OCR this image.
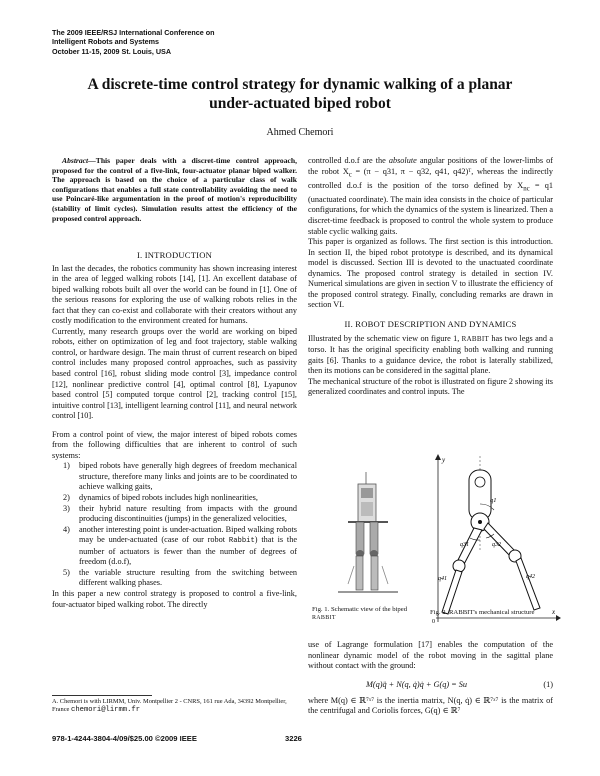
The 2009 IEEE/RSJ International Conference on
Intelligent Robots and Systems
October 11-15, 2009 St. Louis, USA
A discrete-time control strategy for dynamic walking of a planar
under-actuated biped robot
Ahmed Chemori
Abstract—This paper deals with a discret-time control approach, proposed for the control of a five-link, four-actuator planar biped walker. The approach is based on the choice of a particular class of walk configurations that enables a full state controllability avoiding the need to use Poincaré-like argumentation in the proof of motion's reproducibility (stability of limit cycles). Simulation results attest the efficiency of the proposed control approach.

I. INTRODUCTION

In last the decades, the robotics community has shown increasing interest in the area of legged walking robots [14], [1]. An excellent database of biped walking robots built all over the world can be found in [1]. One of the serious reasons for exploring the use of walking robots relies in the fact that they can co-exist and collaborate with their creators without any costly modification to the environment created for humans.

Currently, many research groups over the world are working on biped robots, either on optimization of leg and foot trajectory, stable walking control, or hardware design. The main thrust of current research on biped control includes many proposed control approaches, such as passivity based control [16], robust sliding mode control [3], impedance control [12], nonlinear predictive control [4], optimal control [8], Lyapunov based control [5] computed torque control [2], tracking control [15], intuitive control [13], intelligent learning control [11], and neural network control [10].

From a control point of view, the major interest of biped robots comes from the following difficulties that are inherent to control of such systems:

1) biped robots have generally high degrees of freedom mechanical structure, therefore many links and joints are to be coordinated to achieve walking gaits,
2) dynamics of biped robots includes high nonlinearities,
3) their hybrid nature resulting from impacts with the ground producing discontinuities (jumps) in the generalized velocities,
4) another interesting point is under-actuation. Biped walking robots may be under-actuated (case of our robot Rabbit) that is the number of actuators is fewer than the number of degrees of freedom (d.o.f),
5) the variable structure resulting from the switching between different walking phases.

In this paper a new control strategy is proposed to control a five-link, four-actuator biped walking robot. The directly

A. Chemori is with LIRMM, Univ. Montpellier 2 - CNRS, 161 rue Ada, 34392 Montpellier, France chemori@lirmm.fr

controlled d.o.f are the absolute angular positions of the lower-limbs of the robot $X_c = (\pi - q31$, π − q32, q41, q42)ᵀ, whereas the indirectly controlled d.o.f is the position of the torso defined by $X_{nc} = q1$ (unactuated coordinate). The main idea consists in the choice of particular configurations, for which the dynamics of the system is linearized. Then a discret-time feedback is proposed to control the whole system to produce stable cyclic walking gaits.

This paper is organized as follows. The first section is this introduction. In section II, the biped robot prototype is described, and its dynamical model is discussed. Section III is devoted to the unactuated coordinate dynamics. The proposed control strategy is detailed in section IV. Numerical simulations are given in section V to illustrate the efficiency of the proposed control strategy. Finally, concluding remarks are drawn in section VI.

II. ROBOT DESCRIPTION AND DYNAMICS

Illustrated by the schematic view on figure 1, RABBIT has two legs and a torso. It has the original specificity enabling both walking and running gaits [6]. Thanks to a guidance device, the robot is laterally stabilized, then its motions can be considered in the sagittal plane.

The mechanical structure of the robot is illustrated on figure 2 showing its generalized coordinates and control inputs. The

x
y
0
q1
q31	q32
q41	q42
Fig. 1. Schematic view of the biped RABBIT
Fig. 2. RABBIT's mechanical structure

use of Lagrange formulation [17] enables the computation of the nonlinear dynamic model of the robot moving in the sagittal plane without contact with the ground:

M(q)q̈ + N(q, q̇)q̇ + G(q) = Su	(1)

where M(q) ∈ ℝ⁷ˣ⁷ is the inertia matrix, N(q, q̇) ∈ ℝ⁷ˣ⁷ is the matrix of the centrifugal and Coriolis forces, G(q) ∈ ℝ⁷

978-1-4244-3804-4/09/$25.00 ©2009 IEEE	3226
